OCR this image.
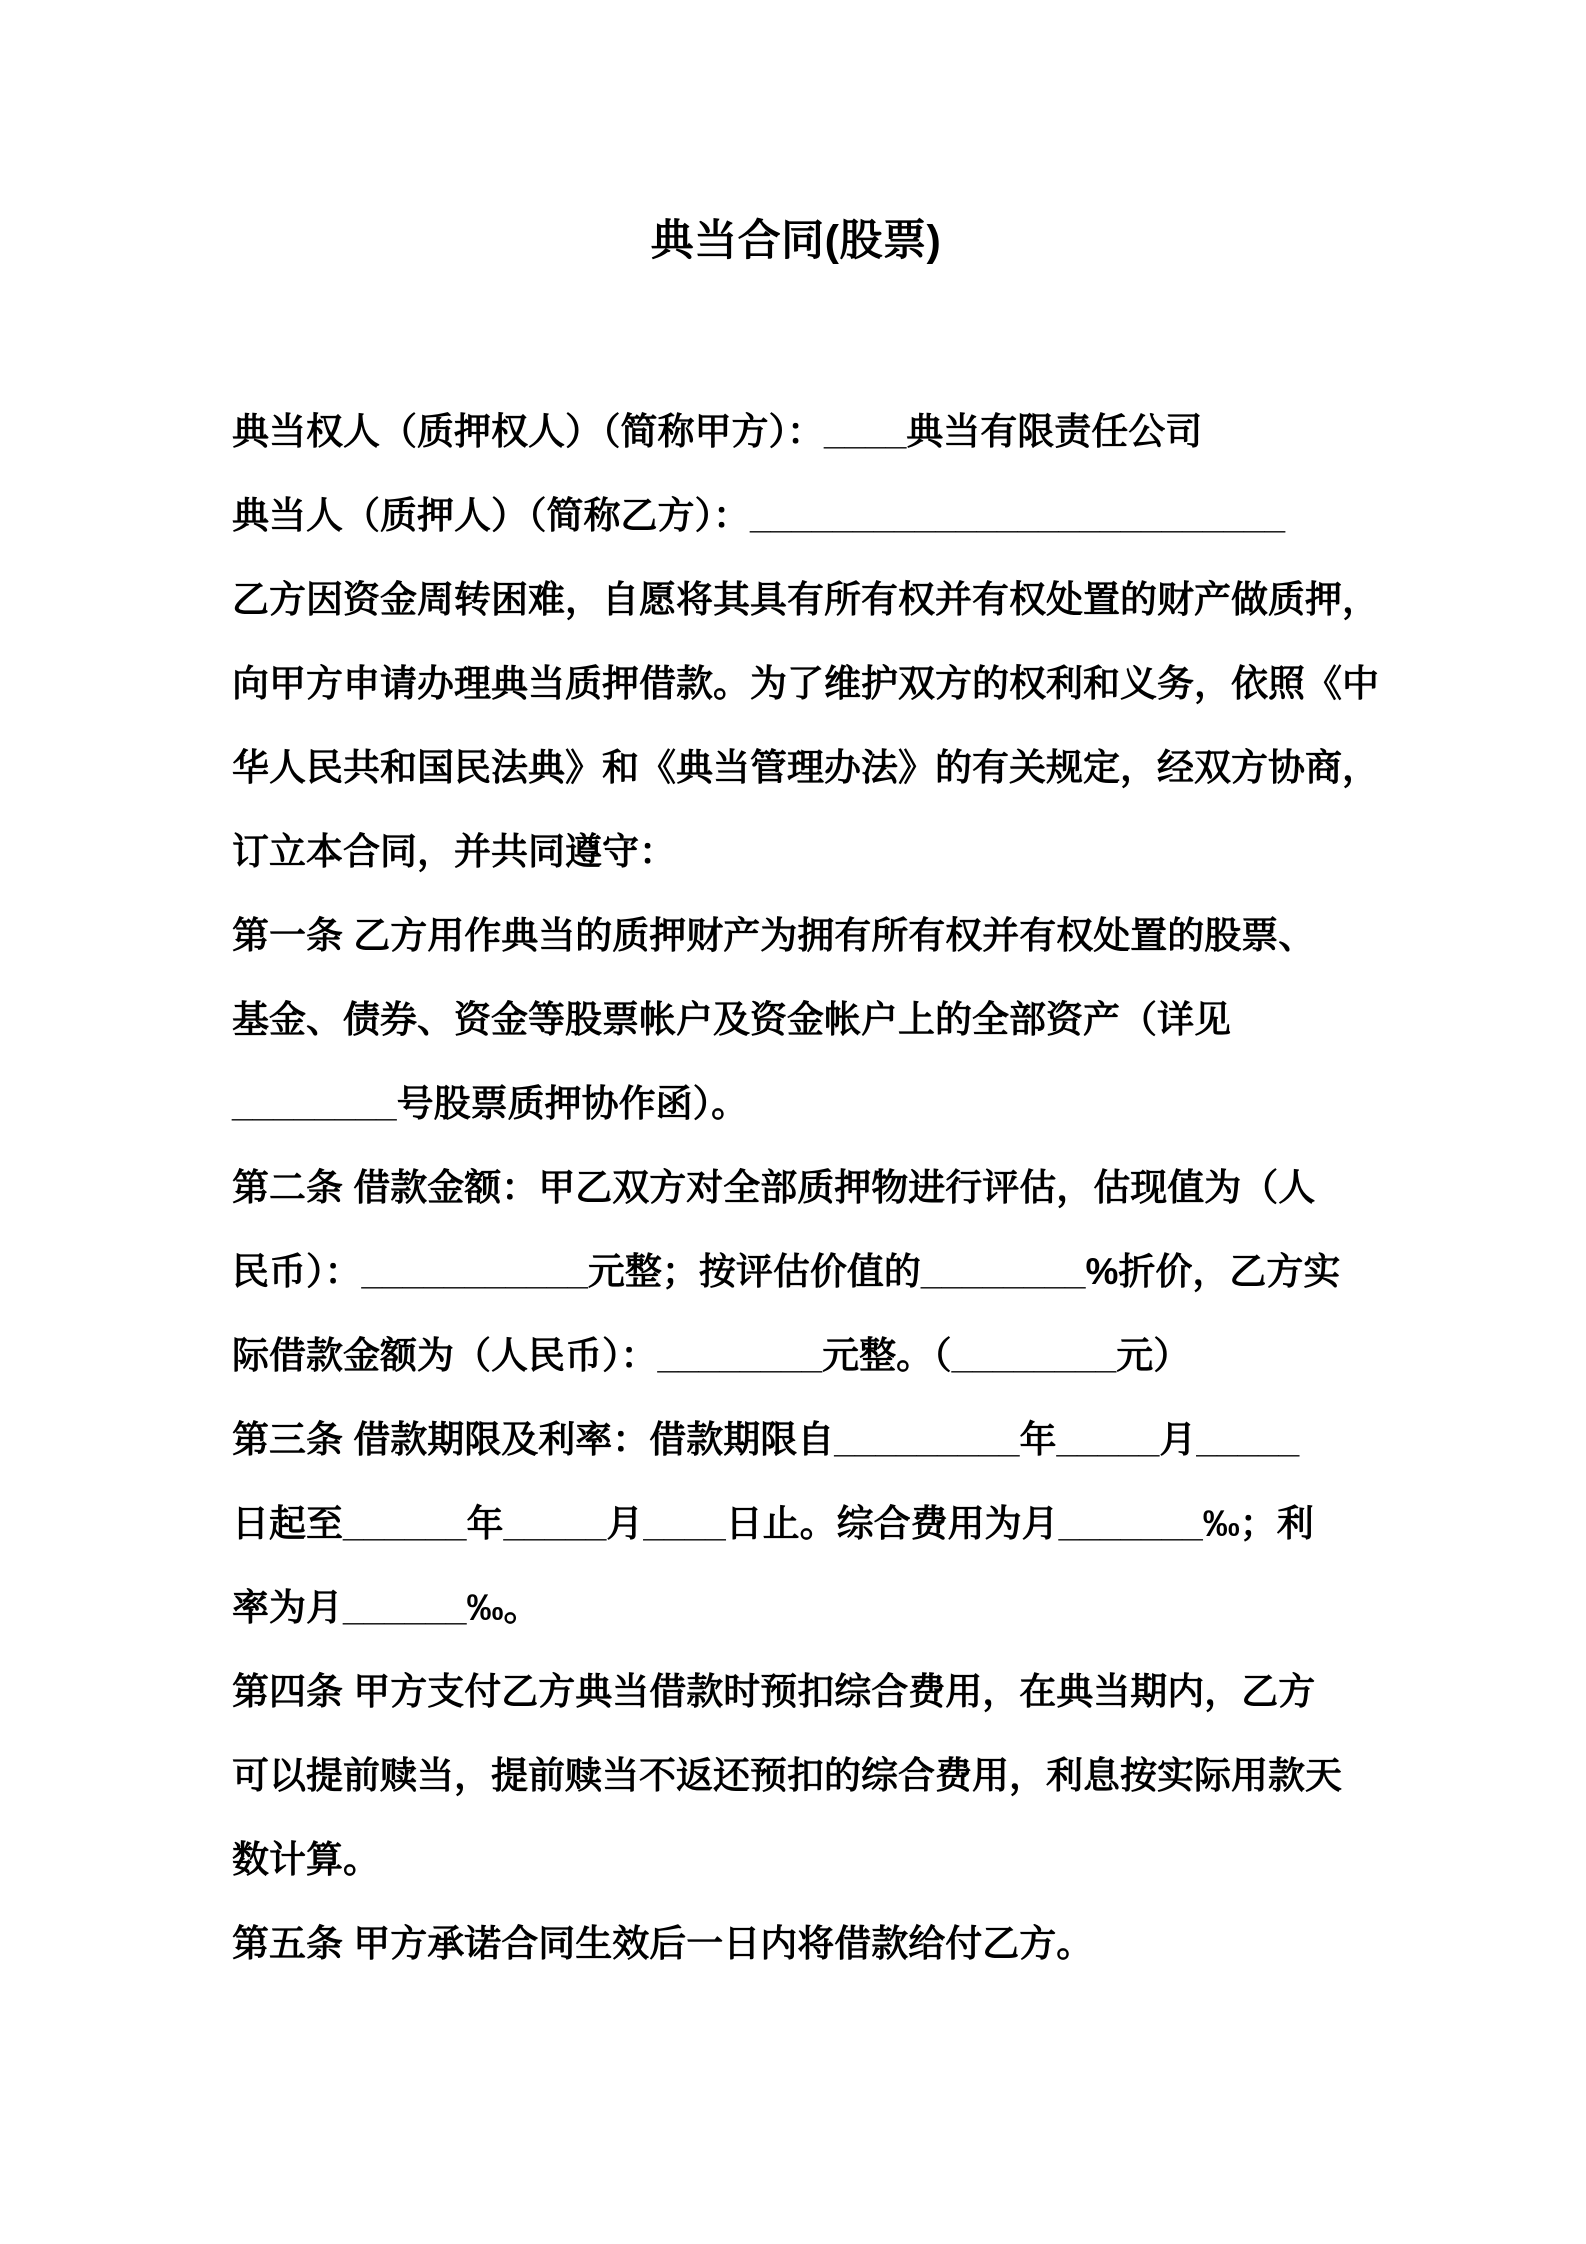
典当合同(股票)
典当权人（质押权人）（简称甲方）：____典当有限责任公司
典当人（质押人）（简称乙方）：__________________________
乙方因资金周转困难，自愿将其具有所有权并有权处置的财产做质押，
向甲方申请办理典当质押借款。为了维护双方的权利和义务，依照《中
华人民共和国民法典》和《典当管理办法》的有关规定，经双方协商，
订立本合同，并共同遵守：
第一条 乙方用作典当的质押财产为拥有所有权并有权处置的股票、
基金、债券、资金等股票帐户及资金帐户上的全部资产（详见
________号股票质押协作函）。
第二条 借款金额：甲乙双方对全部质押物进行评估，估现值为（人
民币）：___________元整；按评估价值的________%折价，乙方实
际借款金额为（人民币）：________元整。（________元）
第三条 借款期限及利率：借款期限自_________年_____月_____
日起至______年_____月____日止。综合费用为月_______‰；利
率为月______‰。
第四条 甲方支付乙方典当借款时预扣综合费用，在典当期内，乙方
可以提前赎当，提前赎当不返还预扣的综合费用，利息按实际用款天
数计算。
第五条 甲方承诺合同生效后一日内将借款给付乙方。
